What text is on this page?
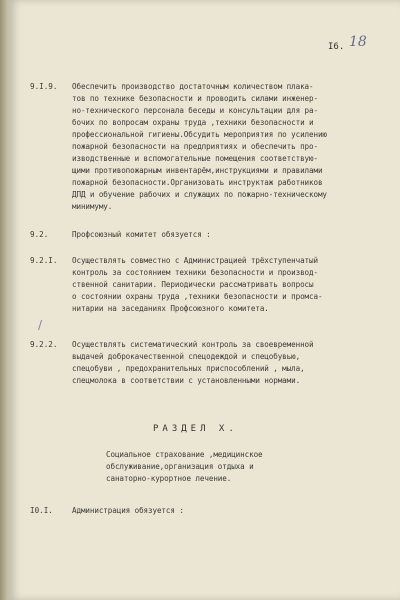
I6. 18
9.I.9. Обеспечить производство достаточным количеством плака-
тов по технике безопасности и проводить силами инженер-
но-технического персонала беседы и консультации для ра-
бочих по вопросам охраны труда ,техники безопасности и
профессиональной гигиены.Обсудить мероприятия по усилению
пожарной безопасности на предприятиях и обеспечить про-
изводственные и вспомогательные помещения соответствую-
щими противопожарным инвентарём,инструкциями и правилами
пожарной безопасности.Организовать инструктаж работников
ДПД и обучение рабочих и служащих по пожарно-техническому
минимуму.
9.2.	Профсоюзный комитет обязуется :
9.2.I. Осуществлять совместно с Администрацией трёхступенчатый
контроль за состоянием техники безопасности и производ-
ственной санитарии. Периодически рассматривать вопросы
о состоянии охраны труда ,техники безопасности и промса-
нитарии на заседаниях Профсоюзного комитета.
/
9.2.2. Осуществлять систематический контроль за своевременной
выдачей доброкачественной спецодеждой и спецобувью,
спецобуви , предохранительных приспособлений , мыла,
спецмолока в соответствии с установленными нормами.
РАЗДЕЛ Х.
Социальное страхование ,медицинское
обслуживание,организация отдыха и
санаторно-курортное лечение.
I0.I.	Администрация обязуется :
